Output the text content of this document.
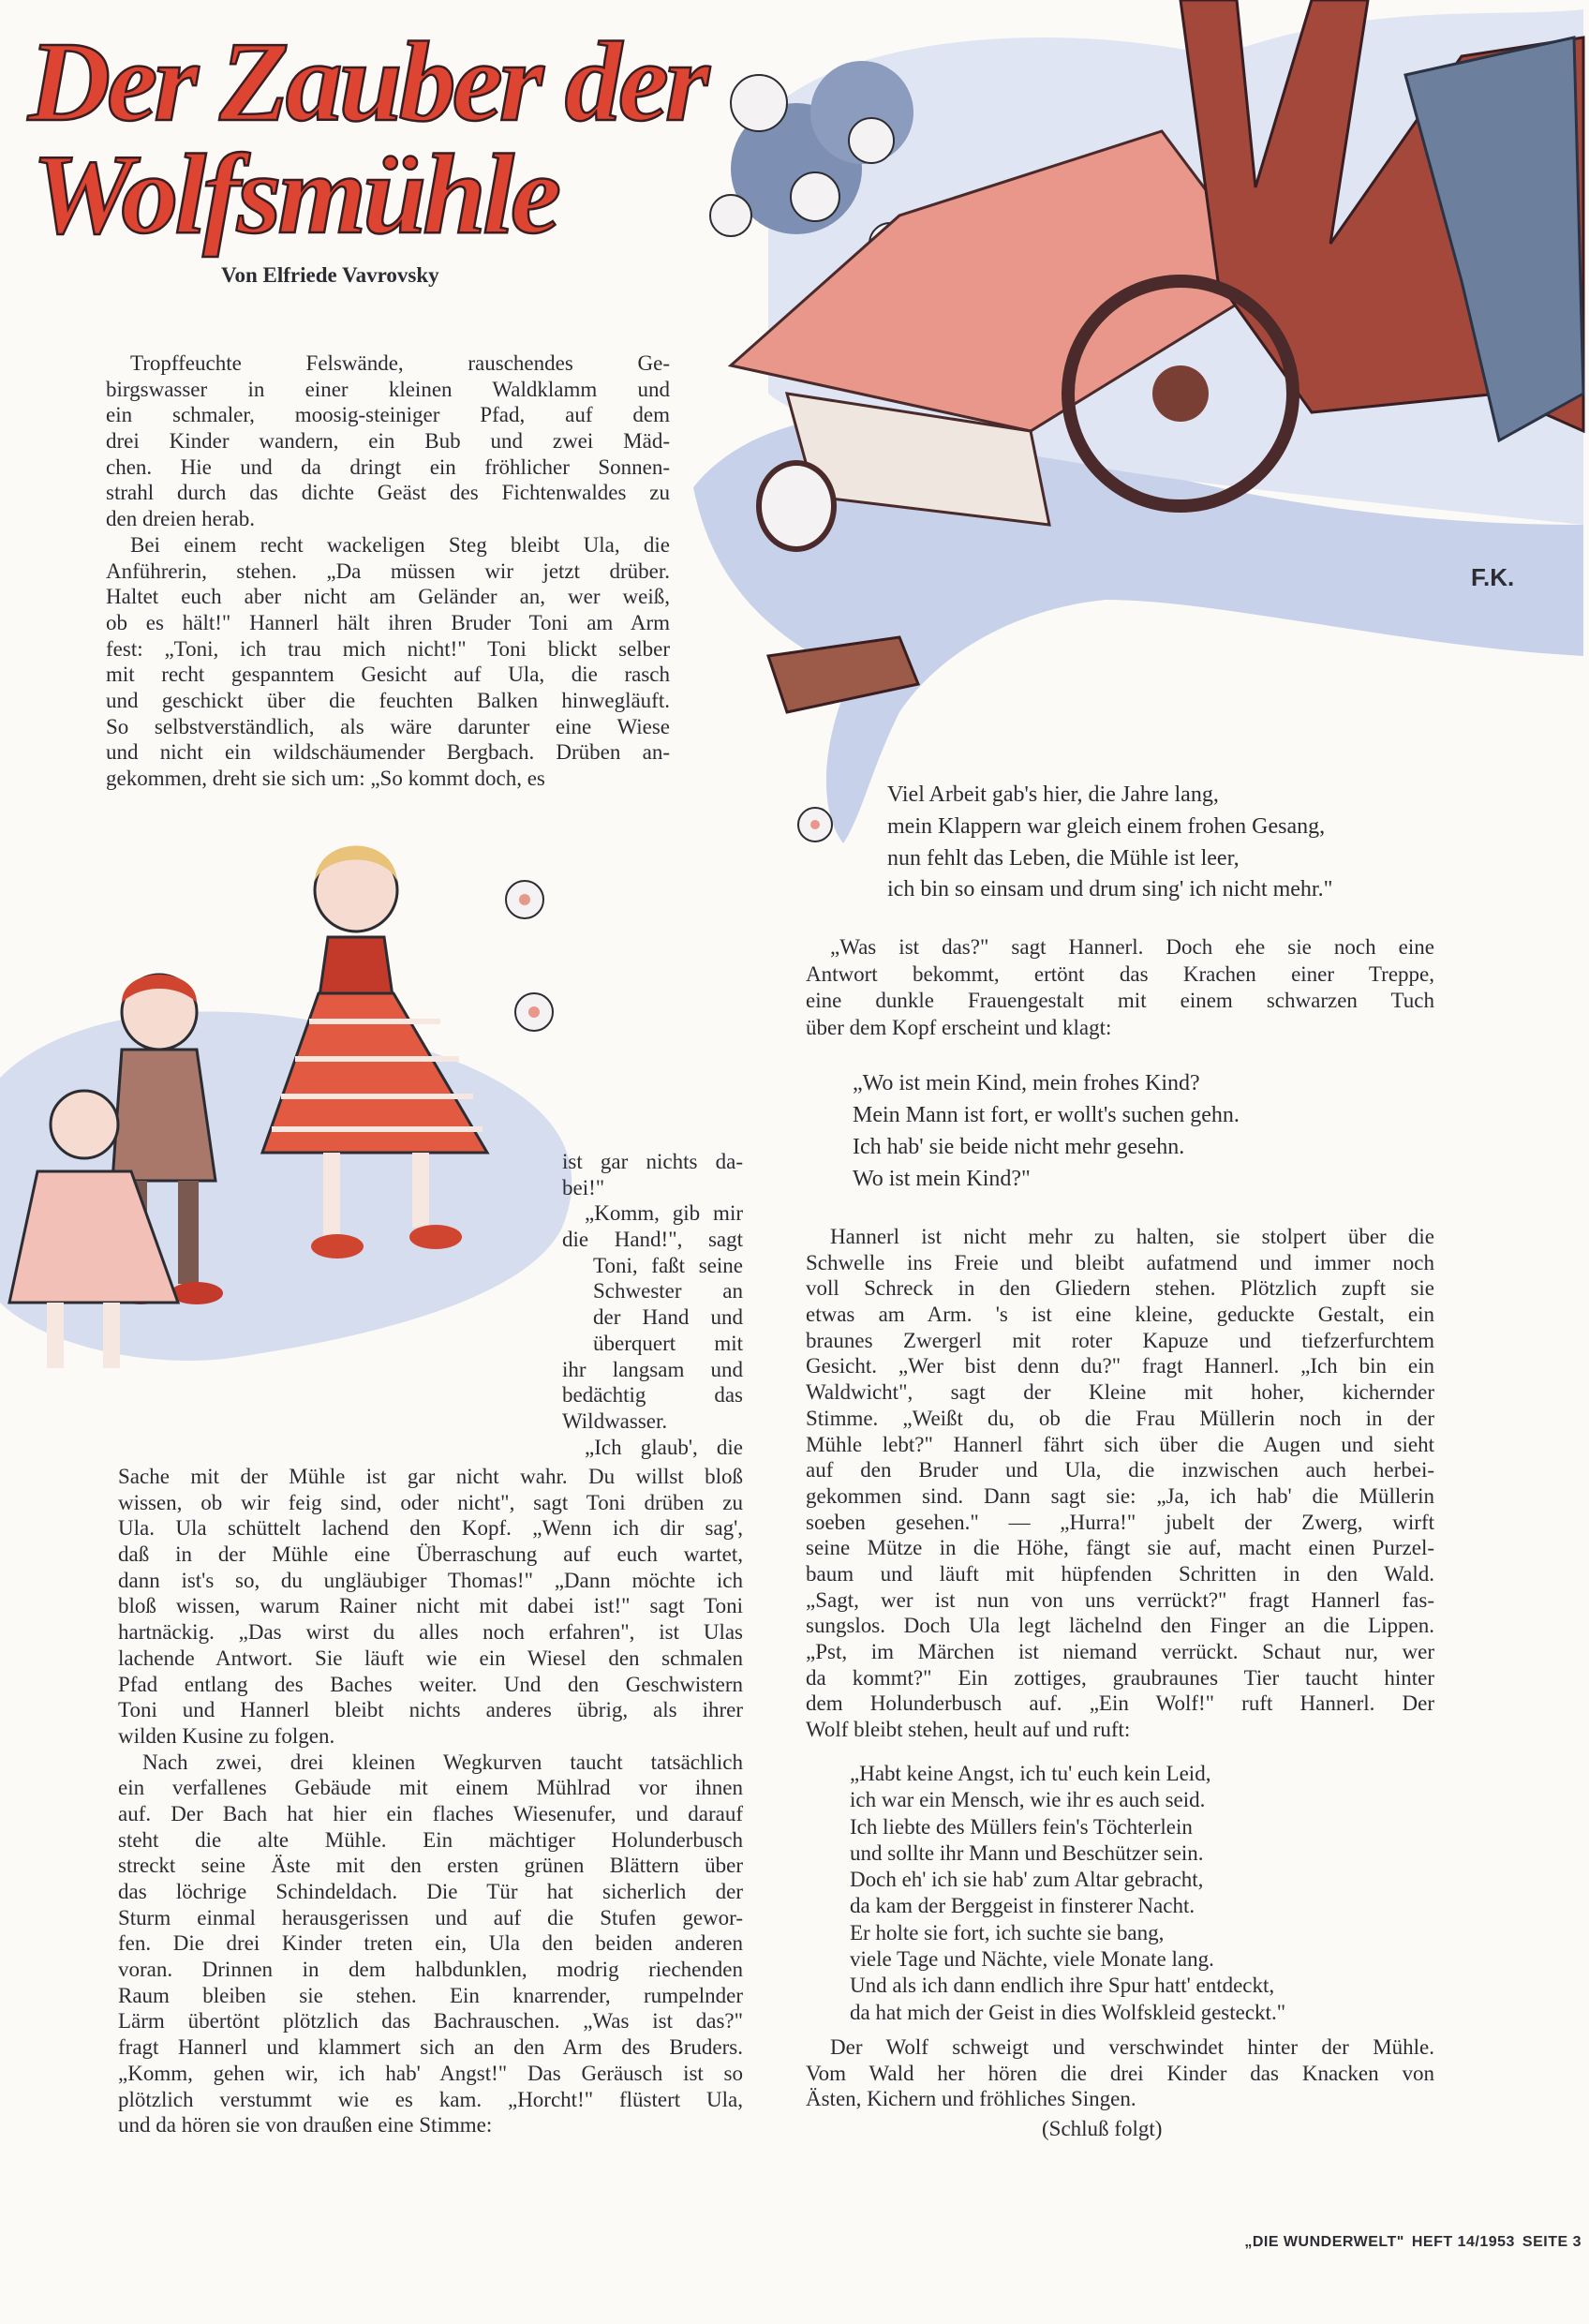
F.K.
Der Zauber der
Wolfsmühle
Von Elfriede Vavrovsky
Tropffeuchte Felswände, rauschendes Ge-
birgswasser in einer kleinen Waldklamm und
ein schmaler, moosig-steiniger Pfad, auf dem
drei Kinder wandern, ein Bub und zwei Mäd-
chen. Hie und da dringt ein fröhlicher Sonnen-
strahl durch das dichte Geäst des Fichtenwaldes zu
den dreien herab.
Bei einem recht wackeligen Steg bleibt Ula, die
Anführerin, stehen. „Da müssen wir jetzt drüber.
Haltet euch aber nicht am Geländer an, wer weiß,
ob es hält!" Hannerl hält ihren Bruder Toni am Arm
fest: „Toni, ich trau mich nicht!" Toni blickt selber
mit recht gespanntem Gesicht auf Ula, die rasch
und geschickt über die feuchten Balken hinwegläuft.
So selbstverständlich, als wäre darunter eine Wiese
und nicht ein wildschäumender Bergbach. Drüben an-
gekommen, dreht sie sich um: „So kommt doch, es
ist gar nichts da-
bei!"
„Komm, gib mir
die Hand!", sagt
Toni, faßt seine
Schwester an
der Hand und
überquert mit
ihr langsam und
bedächtig das
Wildwasser.
„Ich glaub', die
Sache mit der Mühle ist gar nicht wahr. Du willst bloß
wissen, ob wir feig sind, oder nicht", sagt Toni drüben zu
Ula. Ula schüttelt lachend den Kopf. „Wenn ich dir sag',
daß in der Mühle eine Überraschung auf euch wartet,
dann ist's so, du ungläubiger Thomas!" „Dann möchte ich
bloß wissen, warum Rainer nicht mit dabei ist!" sagt Toni
hartnäckig. „Das wirst du alles noch erfahren", ist Ulas
lachende Antwort. Sie läuft wie ein Wiesel den schmalen
Pfad entlang des Baches weiter. Und den Geschwistern
Toni und Hannerl bleibt nichts anderes übrig, als ihrer
wilden Kusine zu folgen.
Nach zwei, drei kleinen Wegkurven taucht tatsächlich
ein verfallenes Gebäude mit einem Mühlrad vor ihnen
auf. Der Bach hat hier ein flaches Wiesenufer, und darauf
steht die alte Mühle. Ein mächtiger Holunderbusch
streckt seine Äste mit den ersten grünen Blättern über
das löchrige Schindeldach. Die Tür hat sicherlich der
Sturm einmal herausgerissen und auf die Stufen gewor-
fen. Die drei Kinder treten ein, Ula den beiden anderen
voran. Drinnen in dem halbdunklen, modrig riechenden
Raum bleiben sie stehen. Ein knarrender, rumpelnder
Lärm übertönt plötzlich das Bachrauschen. „Was ist das?"
fragt Hannerl und klammert sich an den Arm des Bruders.
„Komm, gehen wir, ich hab' Angst!" Das Geräusch ist so
plötzlich verstummt wie es kam. „Horcht!" flüstert Ula,
und da hören sie von draußen eine Stimme:
Viel Arbeit gab's hier, die Jahre lang,
mein Klappern war gleich einem frohen Gesang,
nun fehlt das Leben, die Mühle ist leer,
ich bin so einsam und drum sing' ich nicht mehr."
„Was ist das?" sagt Hannerl. Doch ehe sie noch eine
Antwort bekommt, ertönt das Krachen einer Treppe,
eine dunkle Frauengestalt mit einem schwarzen Tuch
über dem Kopf erscheint und klagt:
„Wo ist mein Kind, mein frohes Kind?
Mein Mann ist fort, er wollt's suchen gehn.
Ich hab' sie beide nicht mehr gesehn.
Wo ist mein Kind?"
Hannerl ist nicht mehr zu halten, sie stolpert über die
Schwelle ins Freie und bleibt aufatmend und immer noch
voll Schreck in den Gliedern stehen. Plötzlich zupft sie
etwas am Arm. 's ist eine kleine, geduckte Gestalt, ein
braunes Zwergerl mit roter Kapuze und tiefzerfurchtem
Gesicht. „Wer bist denn du?" fragt Hannerl. „Ich bin ein
Waldwicht", sagt der Kleine mit hoher, kichernder
Stimme. „Weißt du, ob die Frau Müllerin noch in der
Mühle lebt?" Hannerl fährt sich über die Augen und sieht
auf den Bruder und Ula, die inzwischen auch herbei-
gekommen sind. Dann sagt sie: „Ja, ich hab' die Müllerin
soeben gesehen." — „Hurra!" jubelt der Zwerg, wirft
seine Mütze in die Höhe, fängt sie auf, macht einen Purzel-
baum und läuft mit hüpfenden Schritten in den Wald.
„Sagt, wer ist nun von uns verrückt?" fragt Hannerl fas-
sungslos. Doch Ula legt lächelnd den Finger an die Lippen.
„Pst, im Märchen ist niemand verrückt. Schaut nur, wer
da kommt?" Ein zottiges, graubraunes Tier taucht hinter
dem Holunderbusch auf. „Ein Wolf!" ruft Hannerl. Der
Wolf bleibt stehen, heult auf und ruft:
„Habt keine Angst, ich tu' euch kein Leid,
ich war ein Mensch, wie ihr es auch seid.
Ich liebte des Müllers fein's Töchterlein
und sollte ihr Mann und Beschützer sein.
Doch eh' ich sie hab' zum Altar gebracht,
da kam der Berggeist in finsterer Nacht.
Er holte sie fort, ich suchte sie bang,
viele Tage und Nächte, viele Monate lang.
Und als ich dann endlich ihre Spur hatt' entdeckt,
da hat mich der Geist in dies Wolfskleid gesteckt."
Der Wolf schweigt und verschwindet hinter der Mühle.
Vom Wald her hören die drei Kinder das Knacken von
Ästen, Kichern und fröhliches Singen.
(Schluß folgt)
„DIE WUNDERWELT" HEFT 14/1953 SEITE 3
